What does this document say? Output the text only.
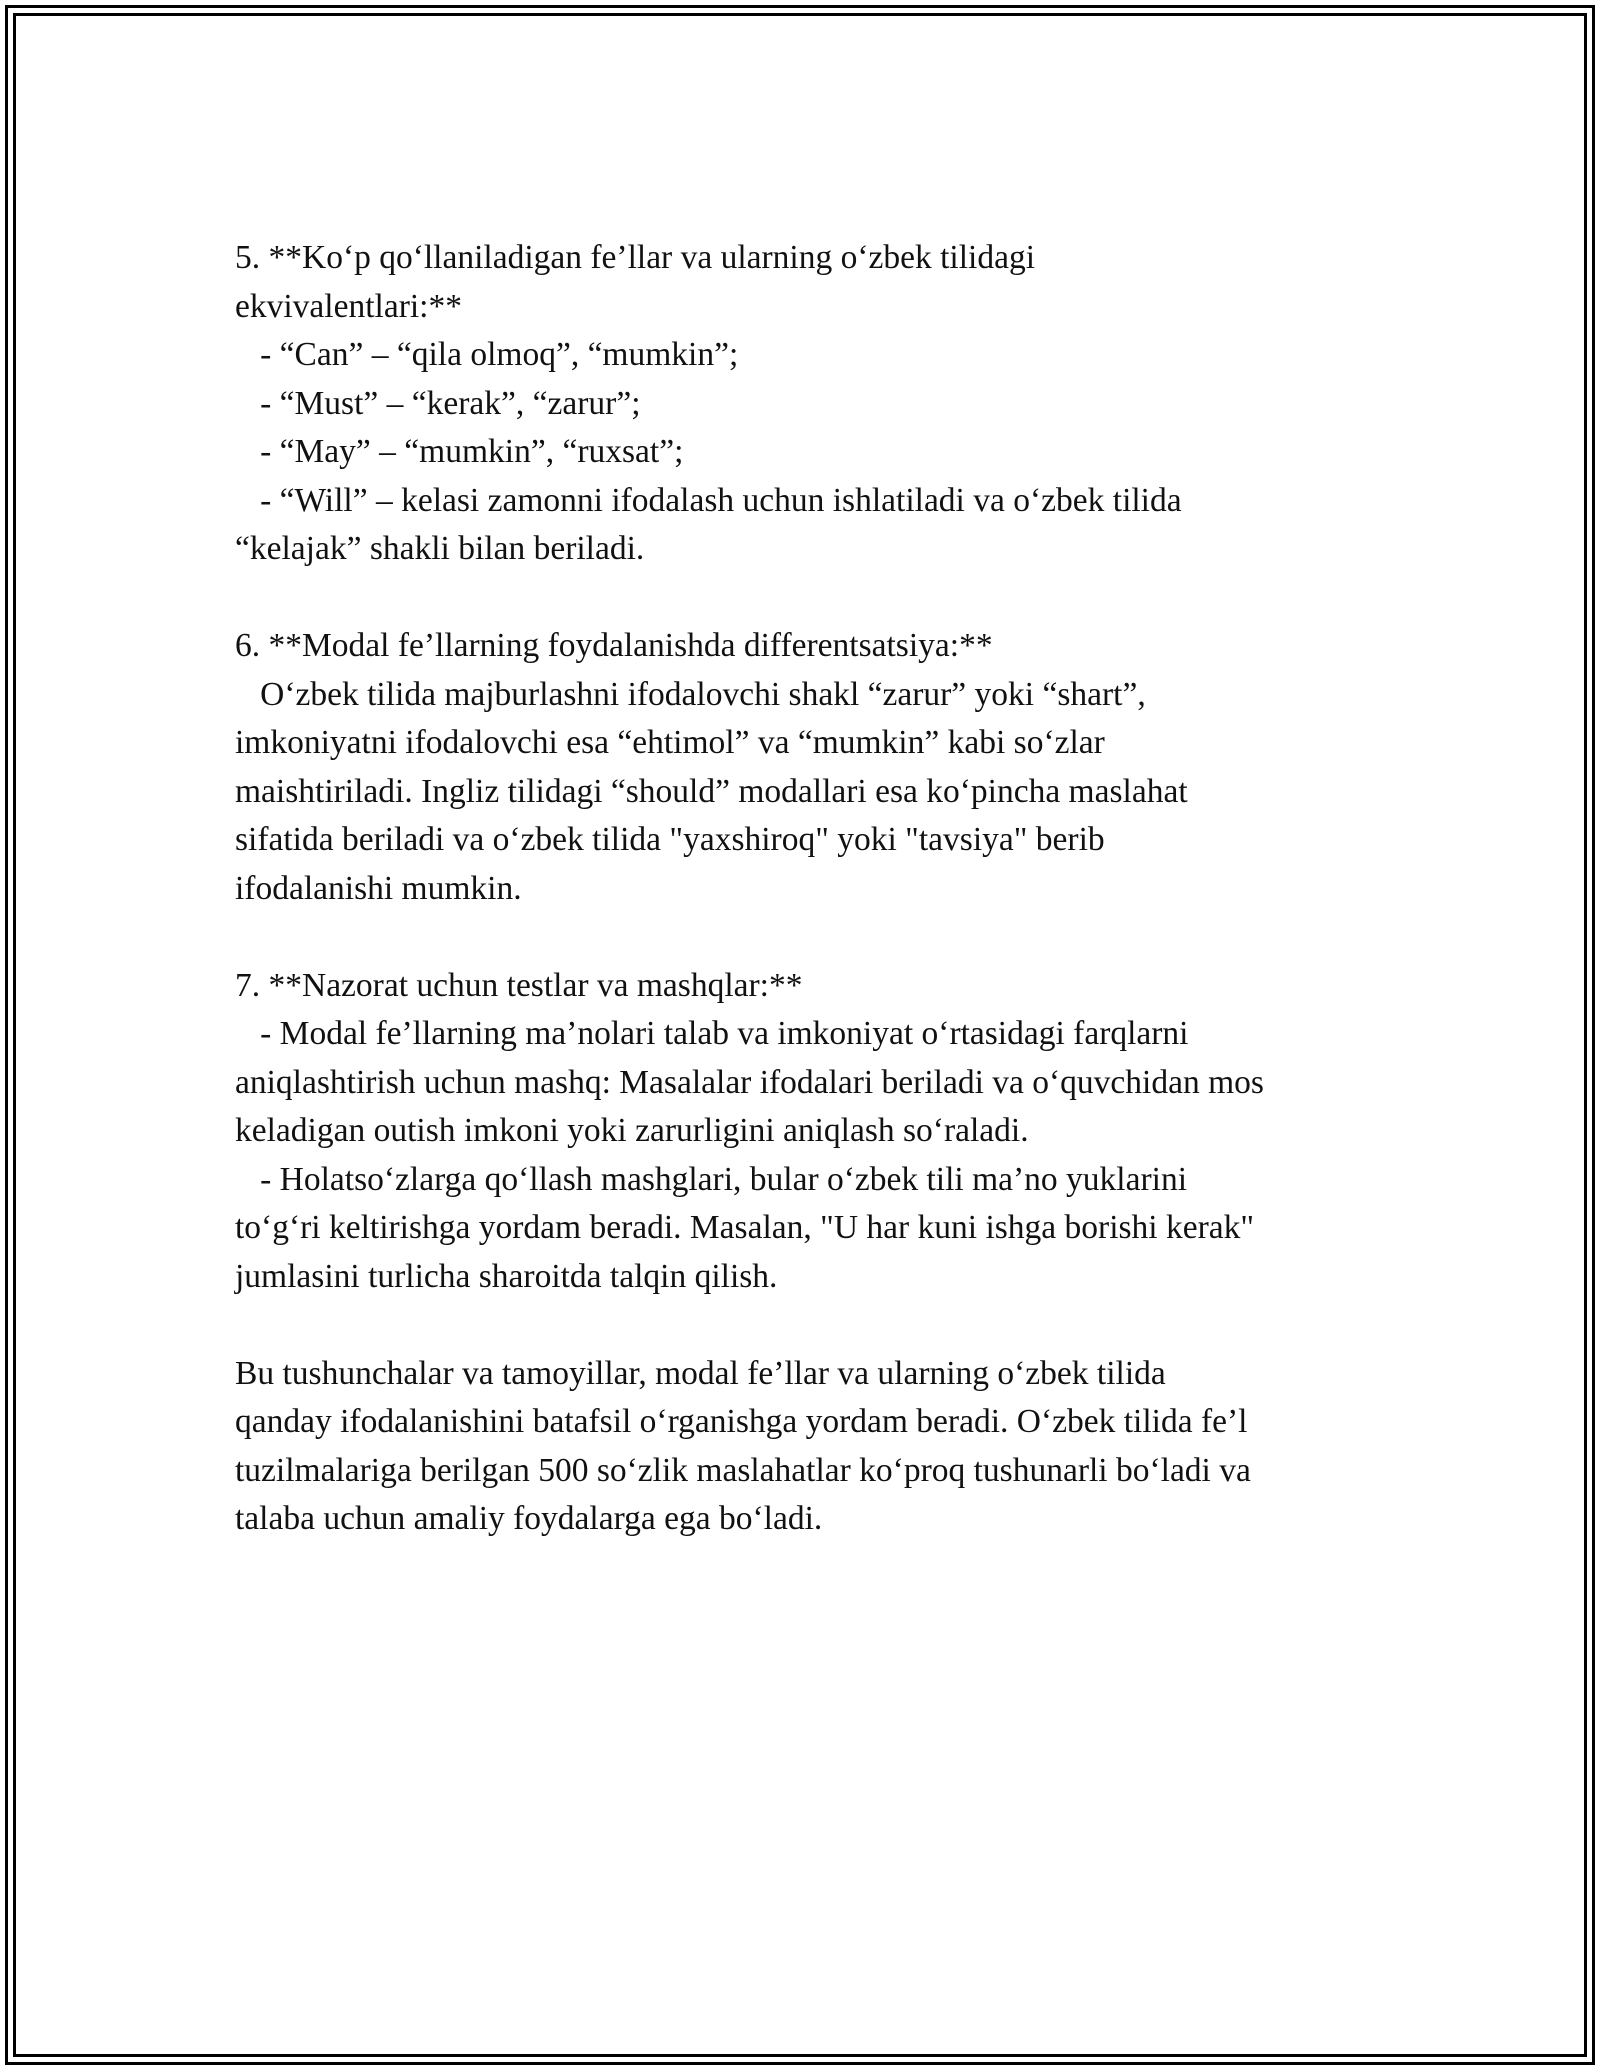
5. **Ko‘p qo‘llaniladigan fe’llar va ularning o‘zbek tilidagi
ekvivalentlari:**
- “Can” – “qila olmoq”, “mumkin”;
- “Must” – “kerak”, “zarur”;
- “May” – “mumkin”, “ruxsat”;
- “Will” – kelasi zamonni ifodalash uchun ishlatiladi va o‘zbek tilida
“kelajak” shakli bilan beriladi.
6. **Modal fe’llarning foydalanishda differentsatsiya:**
O‘zbek tilida majburlashni ifodalovchi shakl “zarur” yoki “shart”,
imkoniyatni ifodalovchi esa “ehtimol” va “mumkin” kabi so‘zlar
maishtiriladi. Ingliz tilidagi “should” modallari esa ko‘pincha maslahat
sifatida beriladi va o‘zbek tilida "yaxshiroq" yoki "tavsiya" berib
ifodalanishi mumkin.
7. **Nazorat uchun testlar va mashqlar:**
- Modal fe’llarning ma’nolari talab va imkoniyat o‘rtasidagi farqlarni
aniqlashtirish uchun mashq: Masalalar ifodalari beriladi va o‘quvchidan mos
keladigan outish imkoni yoki zarurligini aniqlash so‘raladi.
- Holatso‘zlarga qo‘llash mashglari, bular o‘zbek tili ma’no yuklarini
to‘g‘ri keltirishga yordam beradi. Masalan, "U har kuni ishga borishi kerak"
jumlasini turlicha sharoitda talqin qilish.
Bu tushunchalar va tamoyillar, modal fe’llar va ularning o‘zbek tilida
qanday ifodalanishini batafsil o‘rganishga yordam beradi. O‘zbek tilida fe’l
tuzilmalariga berilgan 500 so‘zlik maslahatlar ko‘proq tushunarli bo‘ladi va
talaba uchun amaliy foydalarga ega bo‘ladi.
